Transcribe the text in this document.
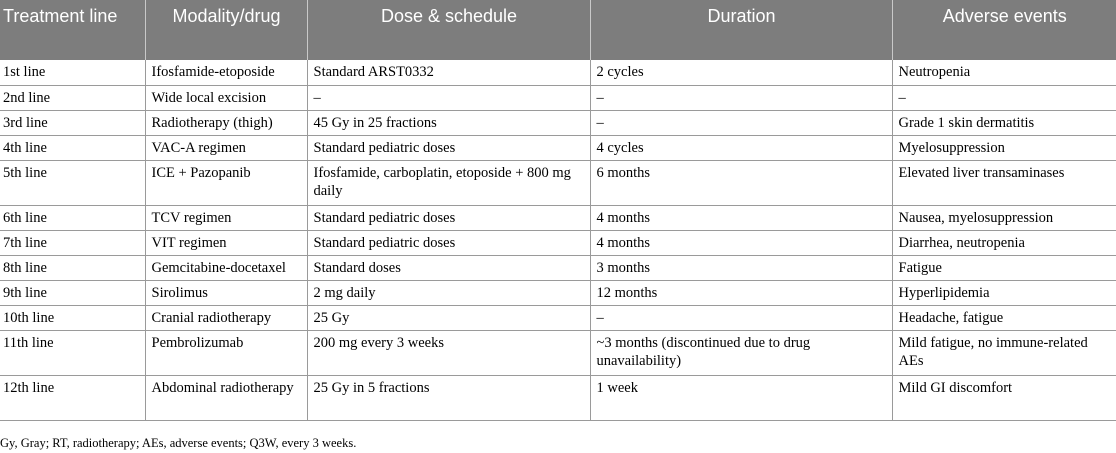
Treatment line	Modality/drug	Dose & schedule	Duration	Adverse events
1st line	Ifosfamide-etoposide	Standard ARST0332	2 cycles	Neutropenia
2nd line	Wide local excision	–	–	–
3rd line	Radiotherapy (thigh)	45 Gy in 25 fractions	–	Grade 1 skin dermatitis
4th line	VAC-A regimen	Standard pediatric doses	4 cycles	Myelosuppression
5th line	ICE + Pazopanib	Ifosfamide, carboplatin, etoposide + 800 mg daily	6 months	Elevated liver transaminases
6th line	TCV regimen	Standard pediatric doses	4 months	Nausea, myelosuppression
7th line	VIT regimen	Standard pediatric doses	4 months	Diarrhea, neutropenia
8th line	Gemcitabine-docetaxel	Standard doses	3 months	Fatigue
9th line	Sirolimus	2 mg daily	12 months	Hyperlipidemia
10th line	Cranial radiotherapy	25 Gy	–	Headache, fatigue
11th line	Pembrolizumab	200 mg every 3 weeks	~3 months (discontinued due to drug unavailability)	Mild fatigue, no immune-related AEs
12th line	Abdominal radiotherapy	25 Gy in 5 fractions	1 week	Mild GI discomfort
Gy, Gray; RT, radiotherapy; AEs, adverse events; Q3W, every 3 weeks.
